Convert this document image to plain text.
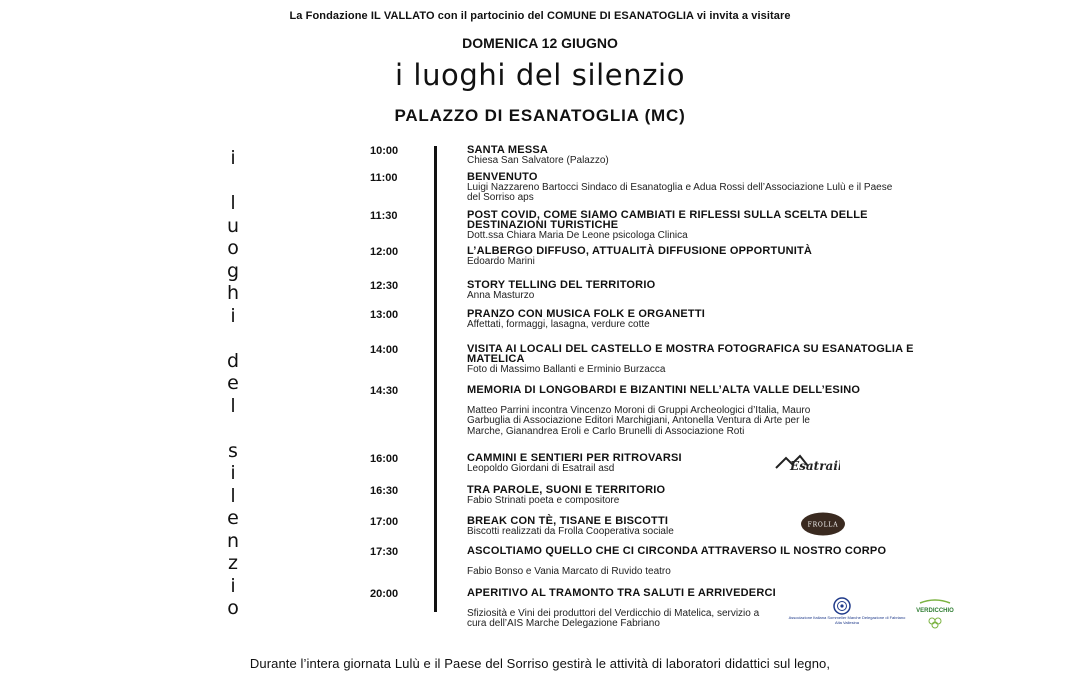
La Fondazione IL VALLATO con il partocinio del COMUNE DI ESANATOGLIA vi invita a visitare
DOMENICA 12 GIUGNO
i luoghi del silenzio
PALAZZO DI ESANATOGLIA (MC)
i
l
u
o
g
h
i
d
e
l
s
i
l
e
n
z
i
o
10:00	SANTA MESSA
Chiesa San Salvatore (Palazzo)
11:00	BENVENUTO
Luigi Nazzareno Bartocci Sindaco di Esanatoglia e Adua Rossi dell’Associazione Lulù e il Paese del Sorriso aps
11:30	POST COVID, COME SIAMO CAMBIATI E RIFLESSI SULLA SCELTA DELLE DESTINAZIONI TURISTICHE
Dott.ssa Chiara Maria De Leone psicologa Clinica
12:00	L’ALBERGO DIFFUSO, ATTUALITÀ DIFFUSIONE OPPORTUNITÀ
Edoardo Marini
12:30	STORY TELLING DEL TERRITORIO
Anna Masturzo
13:00	PRANZO CON MUSICA FOLK E ORGANETTI
Affettati, formaggi, lasagna, verdure cotte
14:00	VISITA AI LOCALI DEL CASTELLO E MOSTRA FOTOGRAFICA SU ESANATOGLIA E MATELICA
Foto di Massimo Ballanti e Erminio Burzacca
14:30	MEMORIA DI LONGOBARDI E BIZANTINI NELL’ALTA VALLE DELL’ESINO
Matteo Parrini incontra Vincenzo Moroni di Gruppi Archeologici d’Italia, Mauro Garbuglia di Associazione Editori Marchigiani, Antonella Ventura di Arte per le Marche, Gianandrea Eroli e Carlo Brunelli di Associazione Roti
16:00	CAMMINI E SENTIERI PER RITROVARSI
Leopoldo Giordani di Esatrail asd
16:30	TRA PAROLE, SUONI E TERRITORIO
Fabio Strinati poeta e compositore
17:00	BREAK CON TÈ, TISANE E BISCOTTI
Biscotti realizzati da Frolla Cooperativa sociale
17:30	ASCOLTIAMO QUELLO CHE CI CIRCONDA ATTRAVERSO IL NOSTRO CORPO
Fabio Bonso e Vania Marcato di Ruvido teatro
20:00	APERITIVO AL TRAMONTO TRA SALUTI E ARRIVEDERCI
Sfiziosità e Vini dei produttori del Verdicchio di Matelica, servizio a cura dell’AIS Marche Delegazione Fabriano
Esatrail
FROLLA
Associazione Italiana Sommelier Marche Delegazione di Fabriano Alta Vallesina
VERDICCHIO
Durante l’intera giornata Lulù e il Paese del Sorriso gestirà le attività di laboratori didattici sul legno,
